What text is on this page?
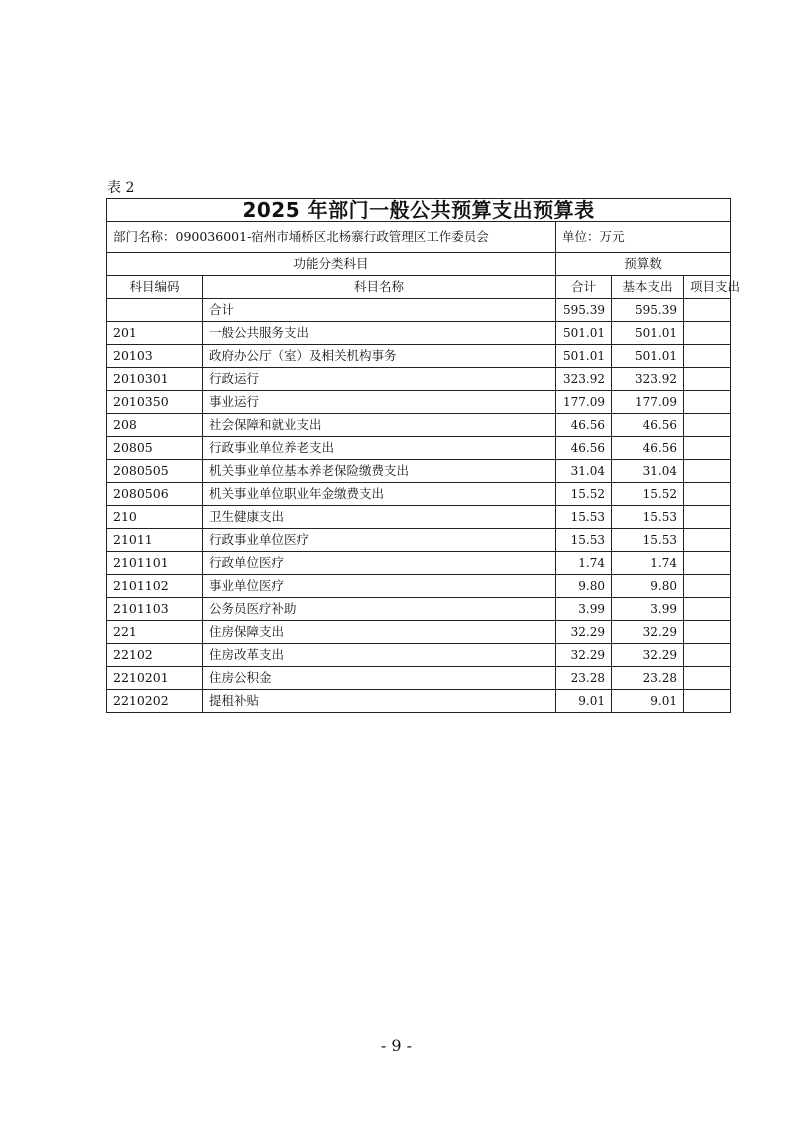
表 2
2025 年部门一般公共预算支出预算表				
部门名称：090036001-宿州市埇桥区北杨寨行政管理区工作委员会		单位：万元		
功能分类科目		预算数		
科目编码	科目名称	合计	基本支出	项目支出
	合计	595.39	595.39	
201	一般公共服务支出	501.01	501.01	
20103	政府办公厅（室）及相关机构事务	501.01	501.01	
2010301	行政运行	323.92	323.92	
2010350	事业运行	177.09	177.09	
208	社会保障和就业支出	46.56	46.56	
20805	行政事业单位养老支出	46.56	46.56	
2080505	机关事业单位基本养老保险缴费支出	31.04	31.04	
2080506	机关事业单位职业年金缴费支出	15.52	15.52	
210	卫生健康支出	15.53	15.53	
21011	行政事业单位医疗	15.53	15.53	
2101101	行政单位医疗	1.74	1.74	
2101102	事业单位医疗	9.80	9.80	
2101103	公务员医疗补助	3.99	3.99	
221	住房保障支出	32.29	32.29	
22102	住房改革支出	32.29	32.29	
2210201	住房公积金	23.28	23.28	
2210202	提租补贴	9.01	9.01	
- 9 -
